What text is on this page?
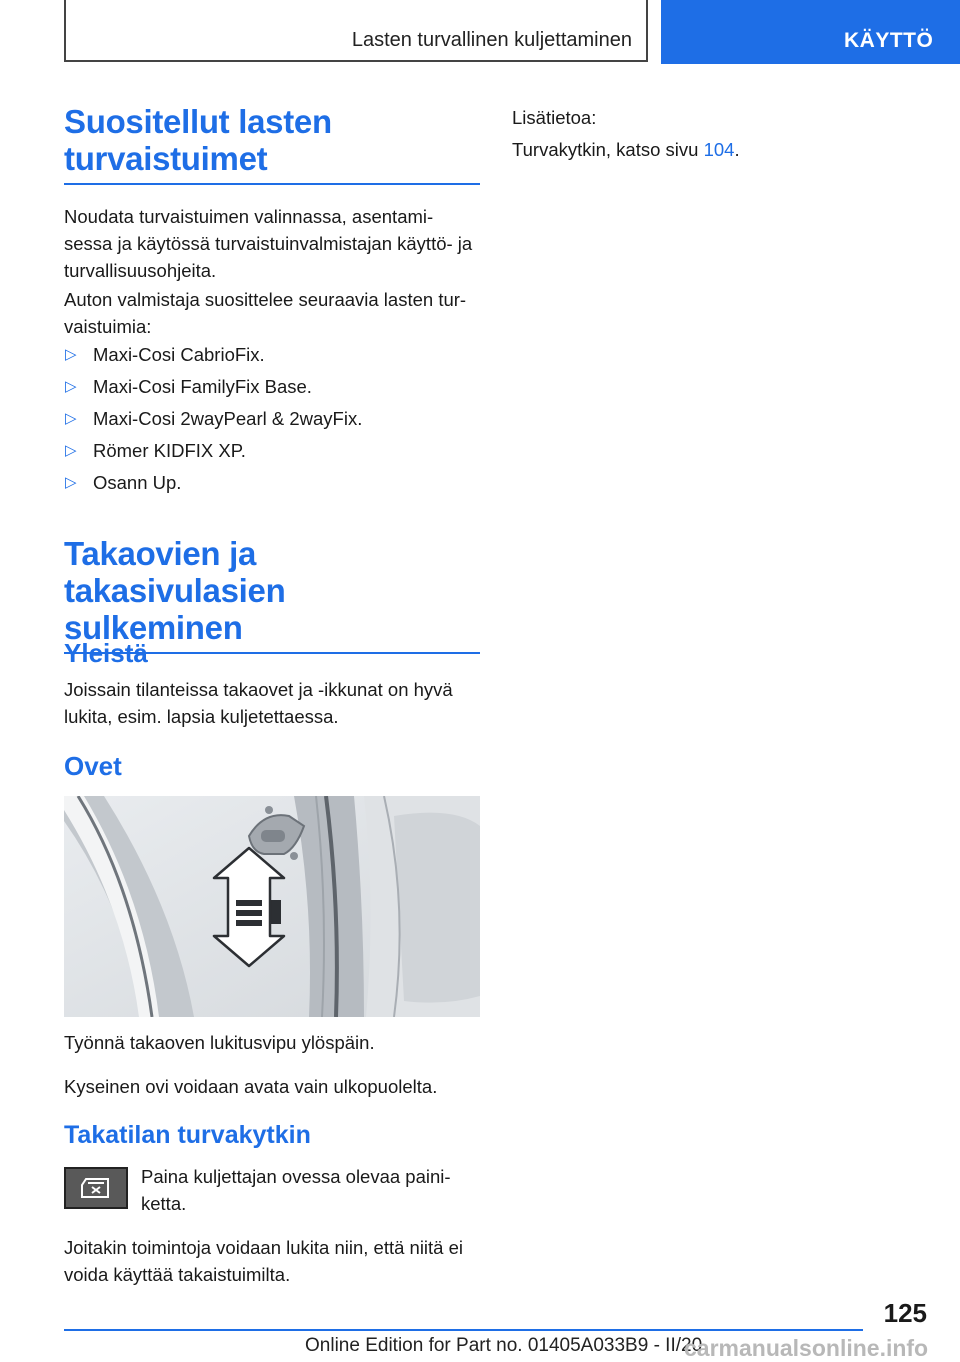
Lasten turvallinen kuljettaminen	KÄYTTÖ
Suositellut lasten turvaistuimet
Noudata turvaistuimen valinnassa, asentami-
sessa ja käytössä turvaistuinvalmistajan käyttö- ja
turvallisuusohjeita.
Auton valmistaja suosittelee seuraavia lasten tur-
vaistuimia:
▷ Maxi-Cosi CabrioFix.
▷ Maxi-Cosi FamilyFix Base.
▷ Maxi-Cosi 2wayPearl & 2wayFix.
▷ Römer KIDFIX XP.
▷ Osann Up.
Takaovien ja takasivulasien
sulkeminen
Yleistä
Joissain tilanteissa takaovet ja -ikkunat on hyvä
lukita, esim. lapsia kuljetettaessa.
Ovet
Työnnä takaoven lukitusvipu ylöspäin.
Kyseinen ovi voidaan avata vain ulkopuolelta.
Takatilan turvakytkin
Paina kuljettajan ovessa olevaa paini-
ketta.
Joitakin toimintoja voidaan lukita niin, että niitä ei
voida käyttää takaistuimilta.
Lisätietoa:
Turvakytkin, katso sivu 104.
125
Online Edition for Part no. 01405A033B9 - II/20
carmanualsonline.info
